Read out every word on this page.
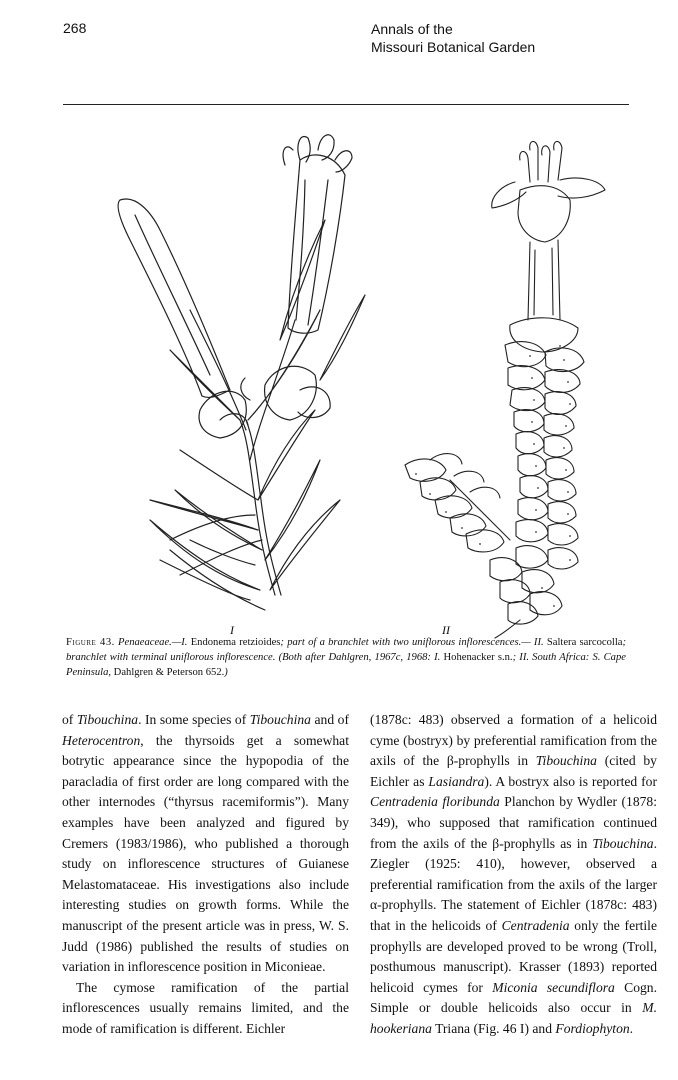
268	Annals of the
Missouri Botanical Garden
I	II
Figure 43. Penaeaceae.—I. Endonema retzioides; part of a branchlet with two uniflorous inflorescences.— II. Saltera sarcocolla; branchlet with terminal uniflorous inflorescence. (Both after Dahlgren, 1967c, 1968: I. Hohenacker s.n.; II. South Africa: S. Cape Peninsula, Dahlgren & Peterson 652.)

of Tibouchina. In some species of Tibouchina and of Heterocentron, the thyrsoids get a somewhat botrytic appearance since the hypopodia of the paracladia of first order are long compared with the other internodes (“thyrsus racemiformis”). Many examples have been analyzed and figured by Cremers (1983/1986), who published a thorough study on inflorescence structures of Guianese Melastomataceae. His investigations also include interesting studies on growth forms. While the manuscript of the present article was in press, W. S. Judd (1986) published the results of studies on variation in inflorescence position in Miconieae.

The cymose ramification of the partial inflorescences usually remains limited, and the mode of ramification is different. Eichler

(1878c: 483) observed a formation of a helicoid cyme (bostryx) by preferential ramification from the axils of the β-prophylls in Tibouchina (cited by Eichler as Lasiandra). A bostryx also is reported for Centradenia floribunda Planchon by Wydler (1878: 349), who supposed that ramification continued from the axils of the β-prophylls as in Tibouchina. Ziegler (1925: 410), however, observed a preferential ramification from the axils of the larger α-prophylls. The statement of Eichler (1878c: 483) that in the helicoids of Centradenia only the fertile prophylls are developed proved to be wrong (Troll, posthumous manuscript). Krasser (1893) reported helicoid cymes for Miconia secundiflora Cogn. Simple or double helicoids also occur in M. hookeriana Triana (Fig. 46 I) and Fordiophyton.
